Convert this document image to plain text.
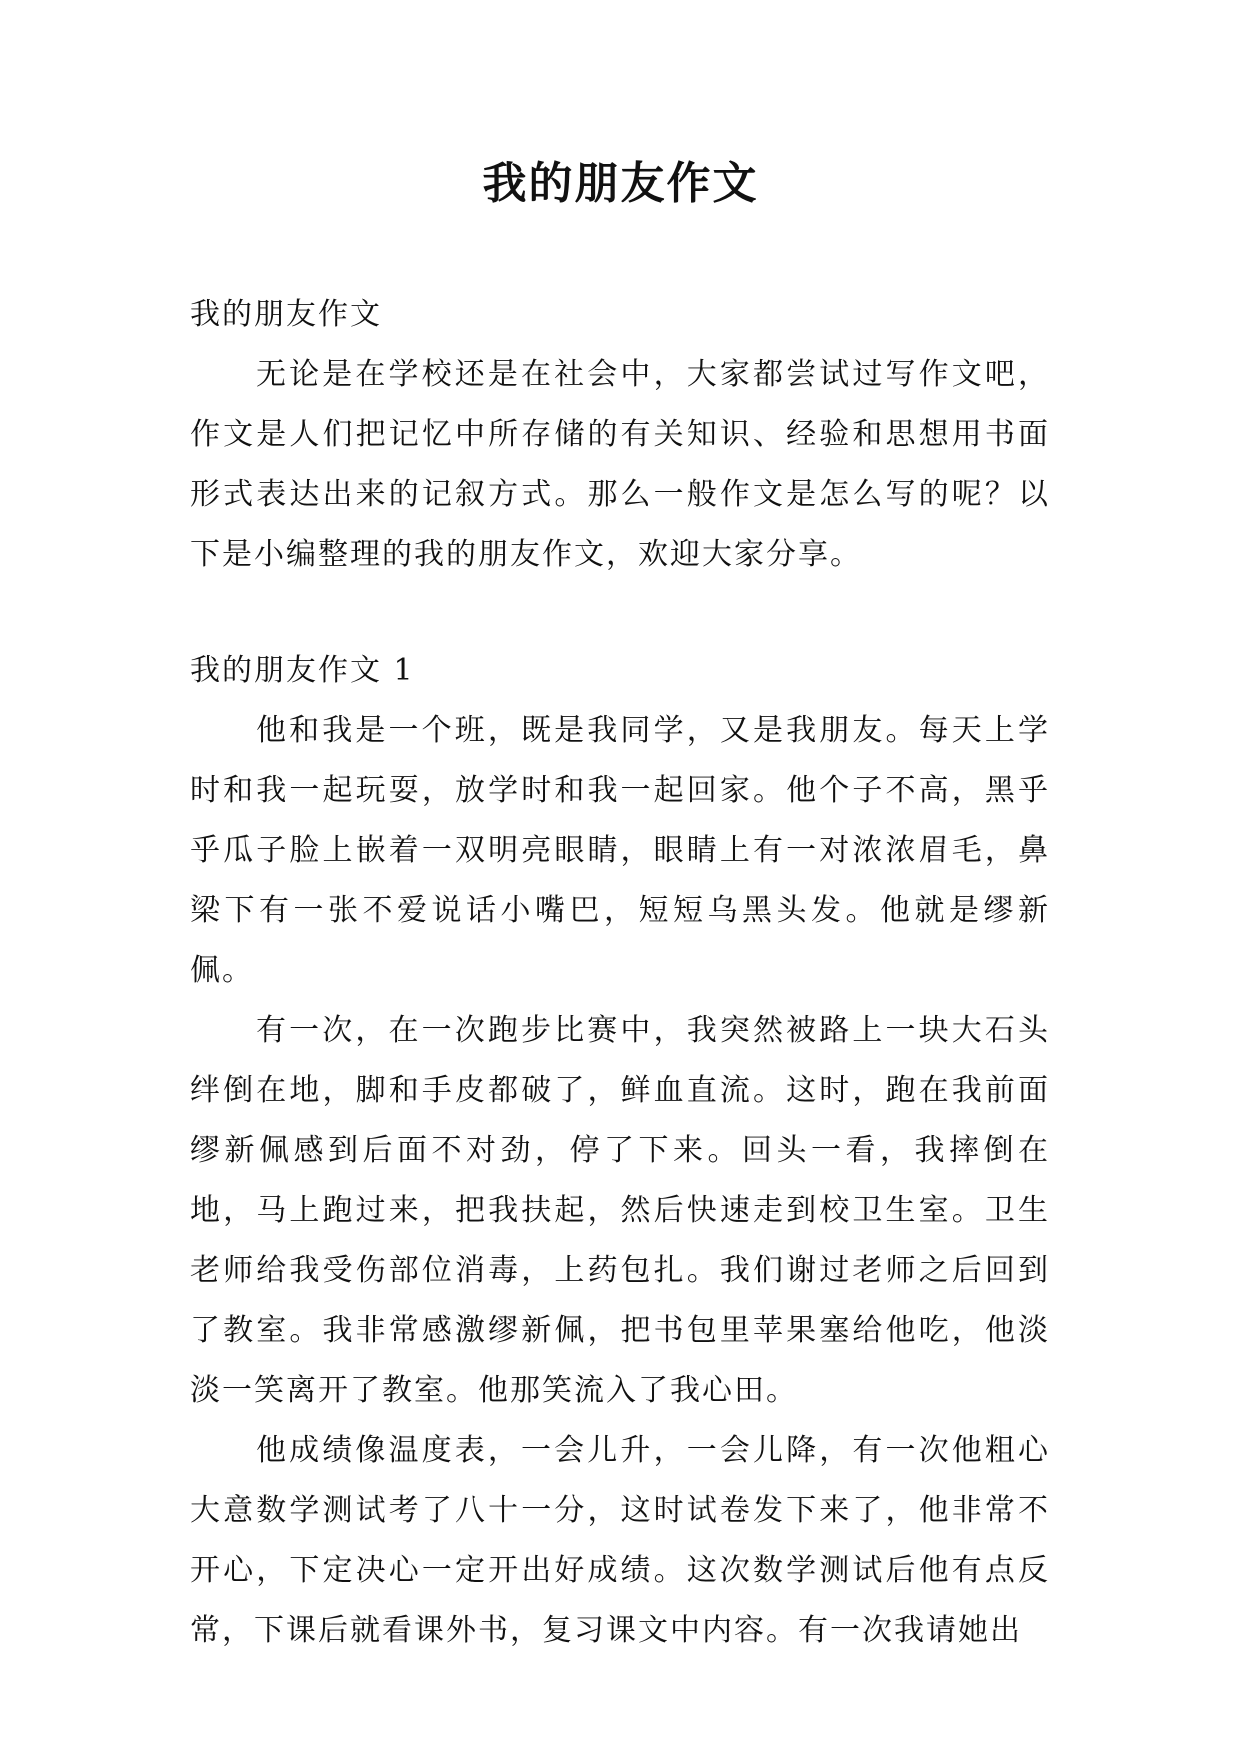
我的朋友作文

我的朋友作文

无论是在学校还是在社会中，大家都尝试过写作文吧，作文是人们把记忆中所存储的有关知识、经验和思想用书面形式表达出来的记叙方式。那么一般作文是怎么写的呢？以下是小编整理的我的朋友作文，欢迎大家分享。

我的朋友作文 1

他和我是一个班，既是我同学，又是我朋友。每天上学时和我一起玩耍，放学时和我一起回家。他个子不高，黑乎乎瓜子脸上嵌着一双明亮眼睛，眼睛上有一对浓浓眉毛，鼻梁下有一张不爱说话小嘴巴，短短乌黑头发。他就是缪新佩。

有一次，在一次跑步比赛中，我突然被路上一块大石头绊倒在地，脚和手皮都破了，鲜血直流。这时，跑在我前面缪新佩感到后面不对劲，停了下来。回头一看，我摔倒在地，马上跑过来，把我扶起，然后快速走到校卫生室。卫生老师给我受伤部位消毒，上药包扎。我们谢过老师之后回到了教室。我非常感激缪新佩，把书包里苹果塞给他吃，他淡淡一笑离开了教室。他那笑流入了我心田。

他成绩像温度表，一会儿升，一会儿降，有一次他粗心大意数学测试考了八十一分，这时试卷发下来了，他非常不开心，下定决心一定开出好成绩。这次数学测试后他有点反常，下课后就看课外书，复习课文中内容。有一次我请她出
